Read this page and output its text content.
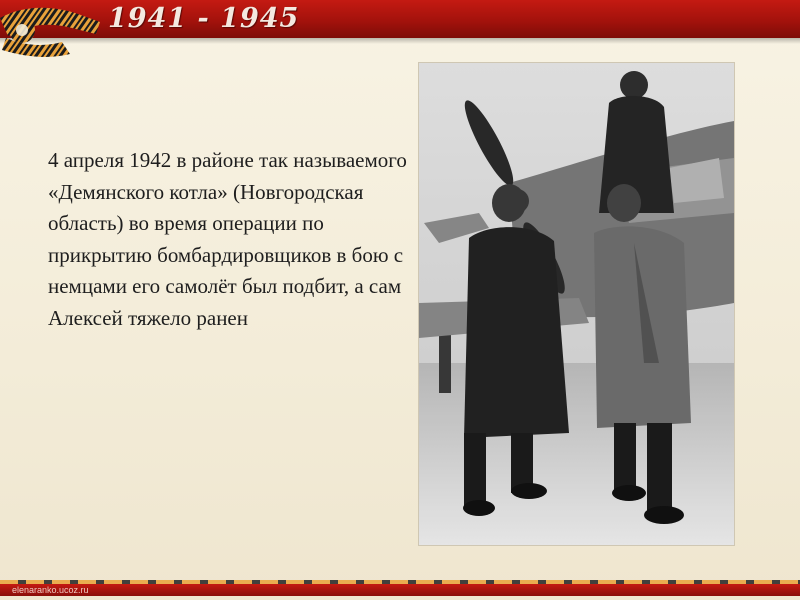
1941 - 1945

4 апреля 1942 в районе так называемого «Демянского котла» (Новгородская область) во время операции по прикрытию бомбардировщиков в бою с немцами его самолёт был подбит, а сам Алексей тяжело ранен

elenaranko.ucoz.ru
